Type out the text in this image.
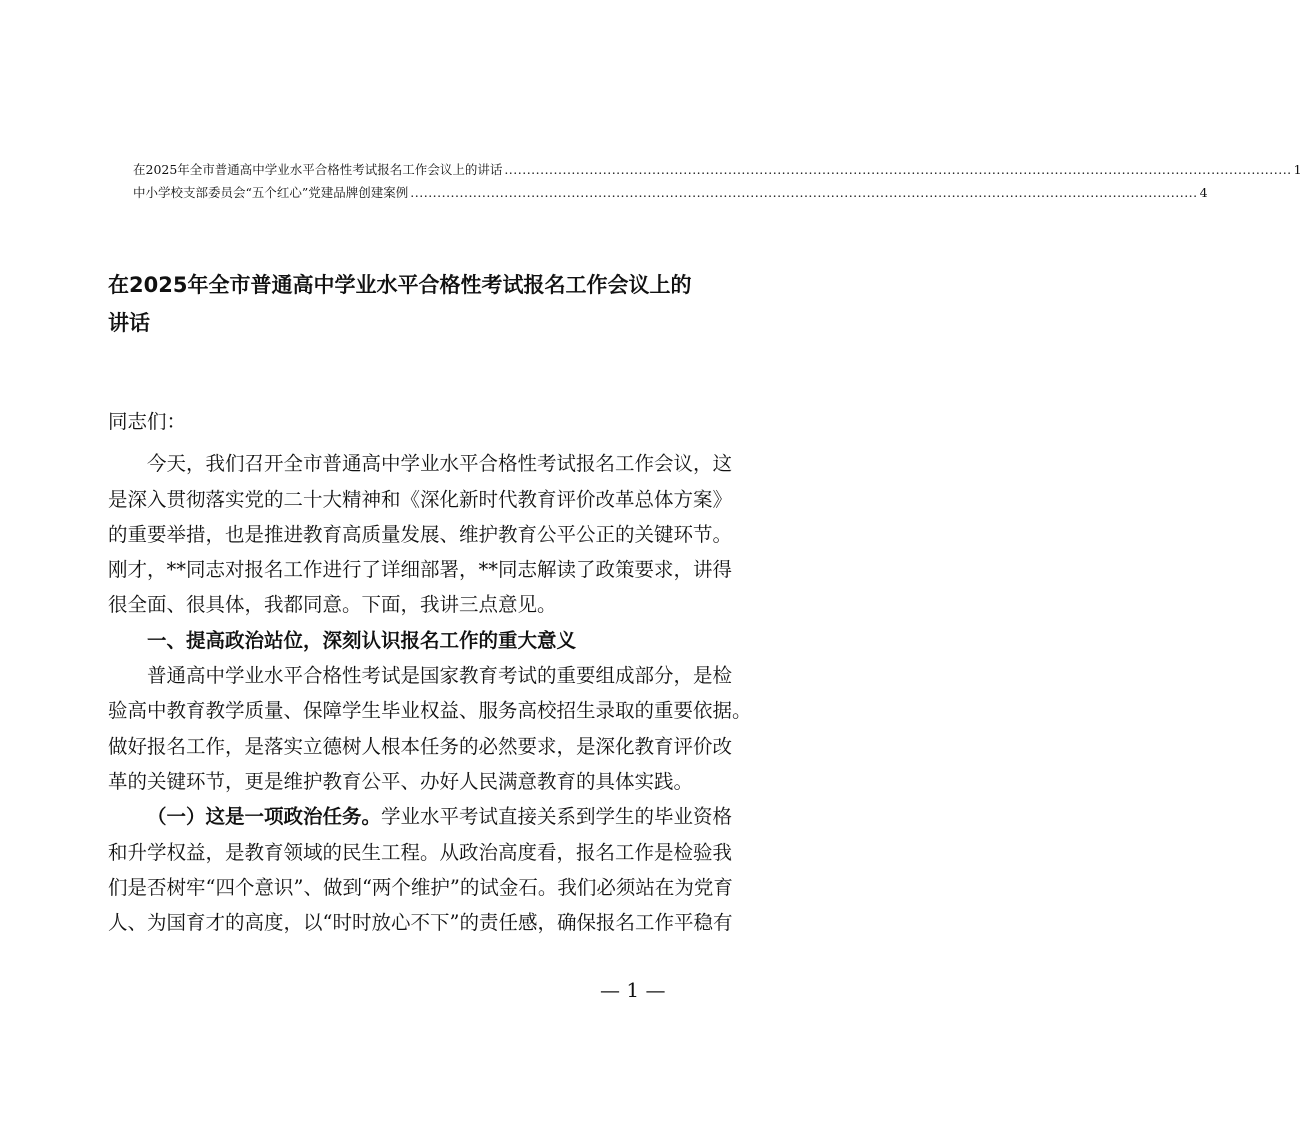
在2025年全市普通高中学业水平合格性考试报名工作会议上的讲话 .....	1
中小学校支部委员会“五个红心”党建品牌创建案例 .....	4
在2025年全市普通高中学业水平合格性考试报名工作会议上的
讲话
同志们：
今天，我们召开全市普通高中学业水平合格性考试报名工作会议，这
是深入贯彻落实党的二十大精神和《深化新时代教育评价改革总体方案》
的重要举措，也是推进教育高质量发展、维护教育公平公正的关键环节。
刚才，**同志对报名工作进行了详细部署，**同志解读了政策要求，讲得
很全面、很具体，我都同意。下面，我讲三点意见。
一、提高政治站位，深刻认识报名工作的重大意义
普通高中学业水平合格性考试是国家教育考试的重要组成部分，是检
验高中教育教学质量、保障学生毕业权益、服务高校招生录取的重要依据。
做好报名工作，是落实立德树人根本任务的必然要求，是深化教育评价改
革的关键环节，更是维护教育公平、办好人民满意教育的具体实践。
（一）这是一项政治任务。学业水平考试直接关系到学生的毕业资格
和升学权益，是教育领域的民生工程。从政治高度看，报名工作是检验我
们是否树牢“四个意识”、做到“两个维护”的试金石。我们必须站在为党育
人、为国育才的高度，以“时时放心不下”的责任感，确保报名工作平稳有
— 1 —
